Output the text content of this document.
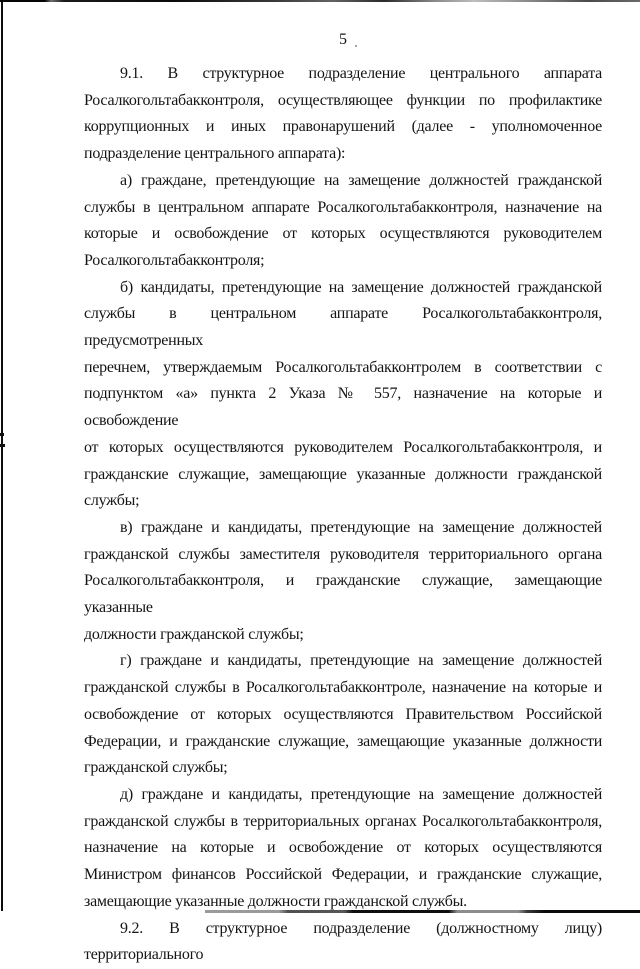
5
9.1. В структурное подразделение центрального аппарата
Росалкогольтабакконтроля, осуществляющее функции по профилактике
коррупционных и иных правонарушений (далее - уполномоченное
подразделение центрального аппарата):
а) граждане, претендующие на замещение должностей гражданской
службы в центральном аппарате Росалкогольтабакконтроля, назначение на
которые и освобождение от которых осуществляются руководителем
Росалкогольтабакконтроля;
б) кандидаты, претендующие на замещение должностей гражданской
службы в центральном аппарате Росалкогольтабакконтроля, предусмотренных
перечнем, утверждаемым Росалкогольтабакконтролем в соответствии с
подпунктом «а» пункта 2 Указа № 557, назначение на которые и освобождение
от которых осуществляются руководителем Росалкогольтабакконтроля, и
гражданские служащие, замещающие указанные должности гражданской
службы;
в) граждане и кандидаты, претендующие на замещение должностей
гражданской службы заместителя руководителя территориального органа
Росалкогольтабакконтроля, и гражданские служащие, замещающие указанные
должности гражданской службы;
г) граждане и кандидаты, претендующие на замещение должностей
гражданской службы в Росалкогольтабакконтроле, назначение на которые и
освобождение от которых осуществляются Правительством Российской
Федерации, и гражданские служащие, замещающие указанные должности
гражданской службы;
д) граждане и кандидаты, претендующие на замещение должностей
гражданской службы в территориальных органах Росалкогольтабакконтроля,
назначение на которые и освобождение от которых осуществляются
Министром финансов Российской Федерации, и гражданские служащие,
замещающие указанные должности гражданской службы.
9.2. В структурное подразделение (должностному лицу) территориального
